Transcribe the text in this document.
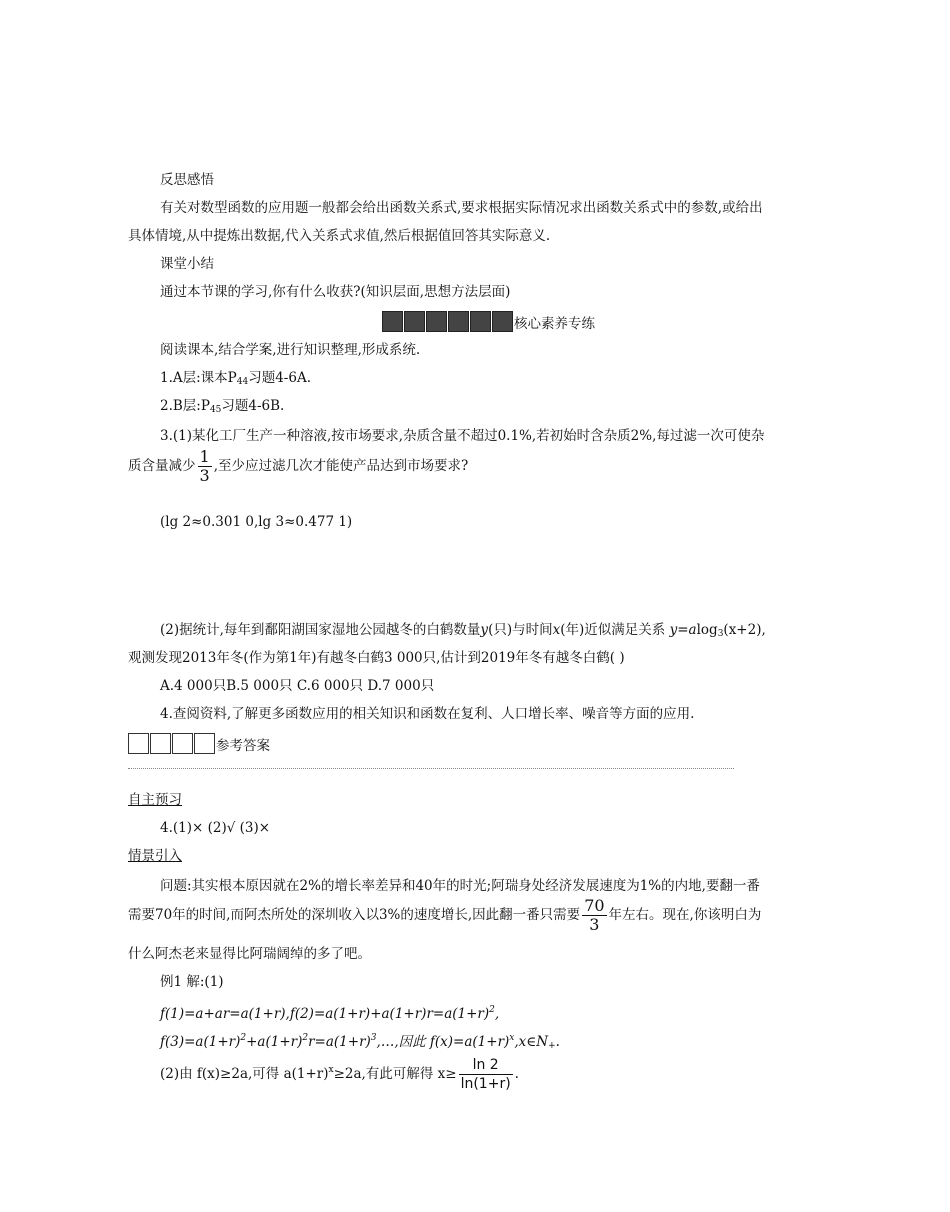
反思感悟
有关对数型函数的应用题一般都会给出函数关系式,要求根据实际情况求出函数关系式中的参数,或给出
具体情境,从中提炼出数据,代入关系式求值,然后根据值回答其实际意义.
课堂小结
通过本节课的学习,你有什么收获?(知识层面,思想方法层面)
核心素养专练
阅读课本,结合学案,进行知识整理,形成系统.
1.A层:课本$P_{44}$习题4-6A.
2.B层$:P_{45}$习题4-6B.
3.(1)某化工厂生产一种溶液,按市场要求,杂质含量不超过0.1%,若初始时含杂质2%,每过滤一次可使杂
质含量减少 $\frac{1}{3}$ ,至少应过滤几次才能使产品达到市场要求?
(lg 2≈0.301 0,lg 3≈0.477 1)
(2)据统计,每年到鄱阳湖国家湿地公园越冬的白鹤数量y(只)与时间x(年)近似满足关系 y=alog$_3$(x+2),
观测发现2013年冬(作为第1年)有越冬白鹤3 000只,估计到2019年冬有越冬白鹤( )
A.4 000只B.5 000只 C.6 000只 D.7 000只
4.查阅资料,了解更多函数应用的相关知识和函数在复利、人口增长率、噪音等方面的应用.
参考答案
自主预习
4.(1)× (2)√ (3)×
情景引入
问题:其实根本原因就在2%的增长率差异和40年的时光;阿瑞身处经济发展速度为1%的内地,要翻一番
需要70年的时间,而阿杰所处的深圳收入以3%的速度增长,因此翻一番只需要 $\frac{70}{3}$ 年左右。现在,你该明白为
什么阿杰老来显得比阿瑞阔绰的多了吧。
例1 解:(1)
$f(1)=a+ar=a(1+r),f(2)=a(1+r)+a(1+r)r=a(1+r)^2$,
$f(3)=a(1+r)^2+a(1+r)^2r=a(1+r)^3,\dots$,因此 $f(x)=a(1+r)^x,x\in N_+$.
(2)由 f(x)≥2a,可得 $a(1+r)^x\ge 2a$,有此可解得 $x\ge \frac{\ln 2}{\ln(1+r)}$ .
